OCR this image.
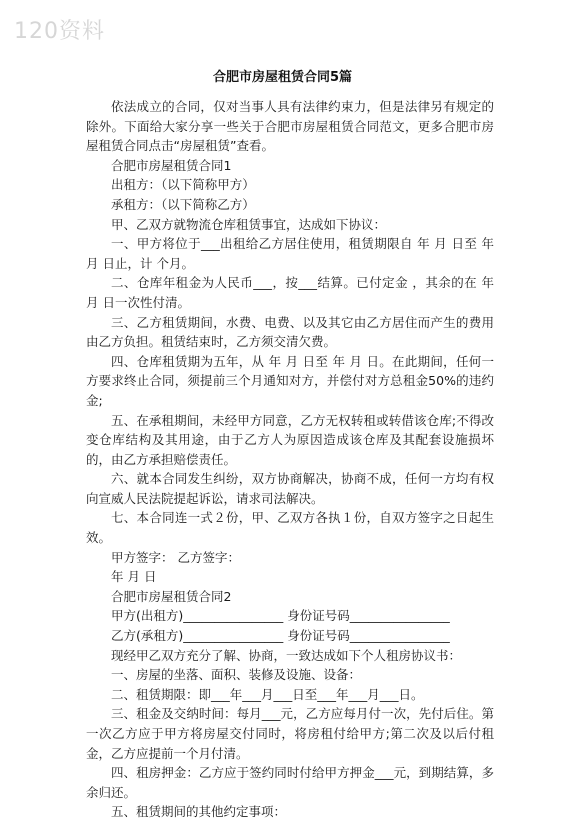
120资料
合肥市房屋租赁合同5篇

依法成立的合同，仅对当事人具有法律约束力，但是法律另有规定的除外。下面给大家分享一些关于合肥市房屋租赁合同范文，更多合肥市房屋租赁合同点击“房屋租赁”查看。

合肥市房屋租赁合同1

出租方：（以下简称甲方）

承租方：（以下简称乙方）

甲、乙双方就物流仓库租赁事宜，达成如下协议：

一、甲方将位于___出租给乙方居住使用，租赁期限自 年 月 日至 年 月 日止，计 个月。

二、仓库年租金为人民币___，按___结算。已付定金 ，其余的在 年 月 日一次性付清。

三、乙方租赁期间，水费、电费、以及其它由乙方居住而产生的费用由乙方负担。租赁结束时，乙方须交清欠费。

四、仓库租赁期为五年，从 年 月 日至 年 月 日。在此期间，任何一方要求终止合同，须提前三个月通知对方，并偿付对方总租金50%的违约金;

五、在承租期间，未经甲方同意，乙方无权转租或转借该仓库;不得改变仓库结构及其用途，由于乙方人为原因造成该仓库及其配套设施损坏的，由乙方承担赔偿责任。

六、就本合同发生纠纷，双方协商解决，协商不成，任何一方均有权向宣威人民法院提起诉讼，请求司法解决。

七、本合同连一式２份，甲、乙双方各执１份，自双方签字之日起生效。

甲方签字： 乙方签字：

年 月 日

合肥市房屋租赁合同2

甲方(出租方)________________ 身份证号码________________

乙方(承租方)________________ 身份证号码________________

现经甲乙双方充分了解、协商，一致达成如下个人租房协议书：

一、房屋的坐落、面积、装修及设施、设备：

二、租赁期限：即___年___月___日至___年___月___日。

三、租金及交纳时间：每月___元，乙方应每月付一次，先付后住。第一次乙方应于甲方将房屋交付同时，将房租付给甲方;第二次及以后付租金，乙方应提前一个月付清。

四、租房押金：乙方应于签约同时付给甲方押金___元，到期结算，多余归还。

五、租赁期间的其他约定事项：
